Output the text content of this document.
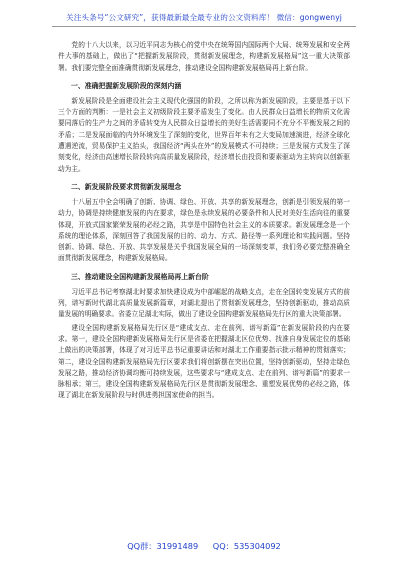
关注头条号“公文研究”，获得最新最全最专业的公文资料库！ 微信：gongwenyj

党的十八大以来，以习近平同志为核心的党中央在统筹国内国际两个大局、统筹发展和安全两件大事的基础上，做出了“把握新发展阶段，贯彻新发展理念，构建新发展格局”这一重大决策部署。我们要完整全面准确贯彻新发展理念，推动建设全国构建新发展格局再上新台阶。

一、准确把握新发展阶段的深刻内涵

新发展阶段是全面建设社会主义现代化强国的阶段，之所以称为新发展阶段，主要是基于以下三个方面的判断：一是社会主义初级阶段主要矛盾发生了变化。由人民群众日益增长的物质文化需要同落后的生产力之间的矛盾转变为人民群众日益增长的美好生活需要同不充分不平衡发展之间的矛盾；二是发展面临的内外环境发生了深刻的变化，世界百年未有之大变局加速演进，经济全球化遭遇逆流，贸易保护主义抬头，我国经济“两头在外”的发展模式不可持续；三是发展方式发生了深刻变化，经济由高速增长阶段转向高质量发展阶段，经济增长由投资和要素驱动为主转向以创新驱动为主。

二、新发展阶段要求贯彻新发展理念

十八届五中全会明确了创新、协调、绿色、开放、共享的新发展理念，创新是引领发展的第一动力，协调是持续健康发展的内在要求，绿色是永续发展的必要条件和人民对美好生活向往的重要体现，开放式国家繁荣发展的必经之路，共享是中国特色社会主义的本质要求。新发展理念是一个系统的理论体系，深刻回答了我国发展的目的、动力、方式、路径等一系列理论和实践问题。坚持创新、协调、绿色、开放、共享发展是关乎我国发展全局的一场深刻变革，我们务必要完整准确全面贯彻新发展理念，构建新发展格局。

三、推动建设全国构建新发展格局再上新台阶

习近平总书记考察湖北时要求加快建设成为中部崛起的战略支点，走在全国转变发展方式的前列，谱写新时代湖北高质量发展新篇章，对湖北提出了贯彻新发展理念，坚持创新驱动，推动高质量发展的明确要求。省委立足湖北实际，做出了建设全国构建新发展格局先行区的重大决策部署。

建设全国构建新发展格局先行区是“建成支点、走在前列、谱写新篇”在新发展阶段的内在要求。第一，建设全国构建新发展格局先行区是省委在把握湖北区位优势、找准自身发展定位的基础上做出的决策部署，体现了对习近平总书记重要讲话和对湖北工作重要指示批示精神的贯彻落实；第二，建设全国构建新发展格局先行区要求我们将创新摆在突出位置，坚持创新驱动，坚持走绿色发展之路，推动经济协调均衡可持续发展，这些要求与“建成支点、走在前列、谱写新篇”的要求一脉相承；第三，建设全国构建新发展格局先行区是贯彻新发展理念、重塑发展优势的必经之路，体现了湖北在新发展阶段与时俱进勇担国家使命的担当。

QQ群：31991489 QQ：535304092
